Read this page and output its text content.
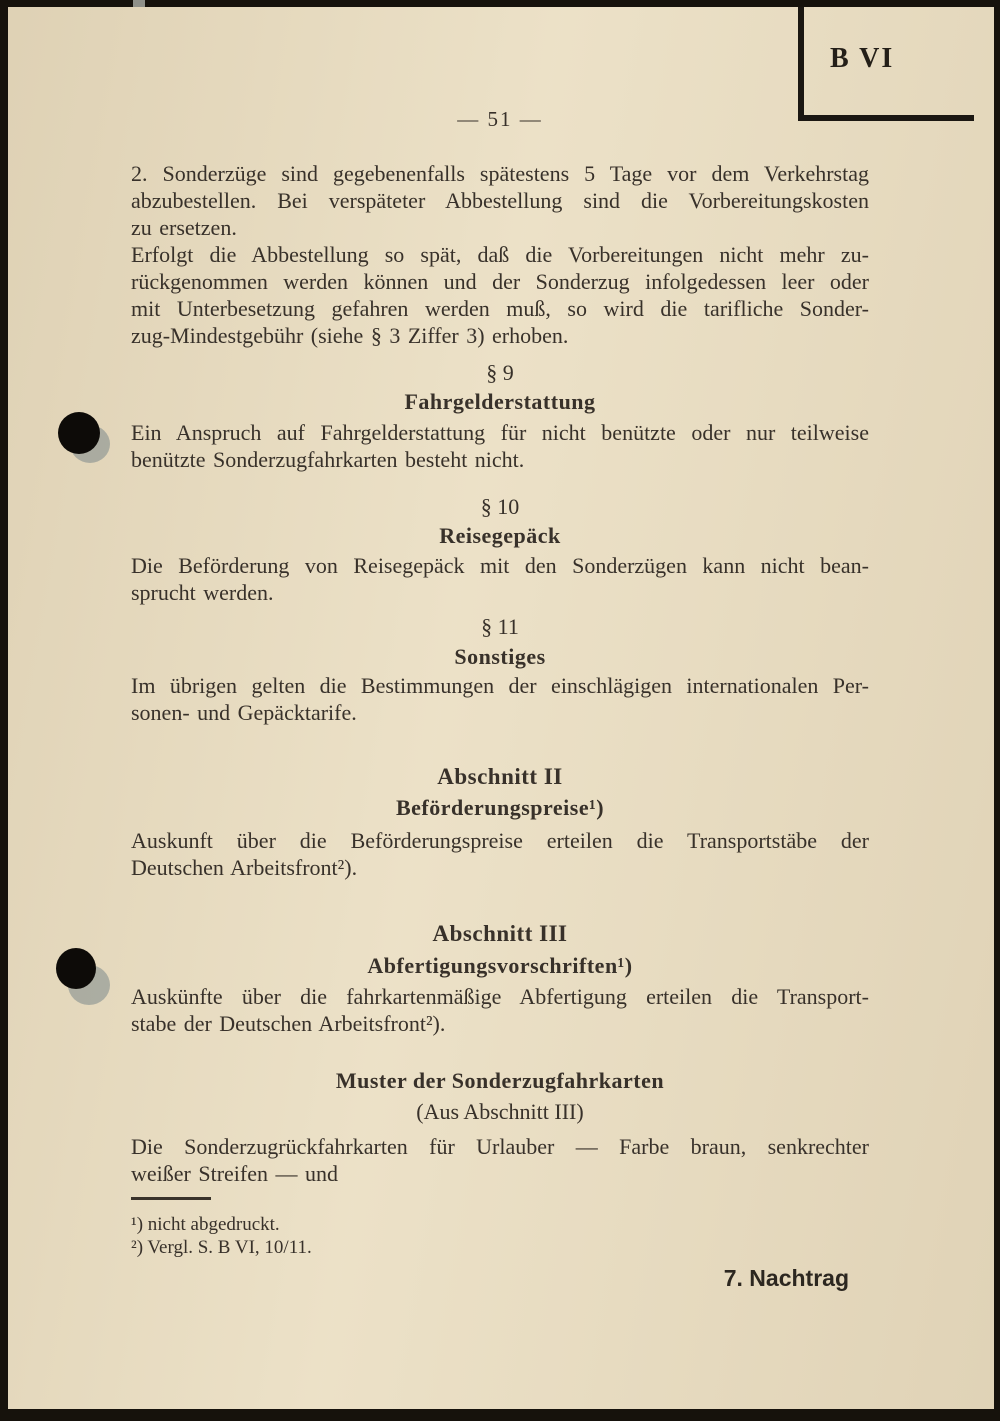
B VI
— 51 —
2. Sonderzüge sind gegebenenfalls spätestens 5 Tage vor dem Verkehrstag
abzubestellen. Bei verspäteter Abbestellung sind die Vorbereitungskosten
zu ersetzen.
Erfolgt die Abbestellung so spät, daß die Vorbereitungen nicht mehr zu-
rückgenommen werden können und der Sonderzug infolgedessen leer oder
mit Unterbesetzung gefahren werden muß, so wird die tarifliche Sonder-
zug-Mindestgebühr (siehe § 3 Ziffer 3) erhoben.
§ 9
Fahrgelderstattung
Ein Anspruch auf Fahrgelderstattung für nicht benützte oder nur teilweise
benützte Sonderzugfahrkarten besteht nicht.
§ 10
Reisegepäck
Die Beförderung von Reisegepäck mit den Sonderzügen kann nicht bean-
sprucht werden.
§ 11
Sonstiges
Im übrigen gelten die Bestimmungen der einschlägigen internationalen Per-
sonen- und Gepäcktarife.
Abschnitt II
Beförderungspreise¹)
Auskunft über die Beförderungspreise erteilen die Transportstäbe der
Deutschen Arbeitsfront²).
Abschnitt III
Abfertigungsvorschriften¹)
Auskünfte über die fahrkartenmäßige Abfertigung erteilen die Transport-
stabe der Deutschen Arbeitsfront²).
Muster der Sonderzugfahrkarten
(Aus Abschnitt III)
Die Sonderzugrückfahrkarten für Urlauber — Farbe braun, senkrechter
weißer Streifen — und
¹) nicht abgedruckt.
²) Vergl. S. B VI, 10/11.
7. Nachtrag
